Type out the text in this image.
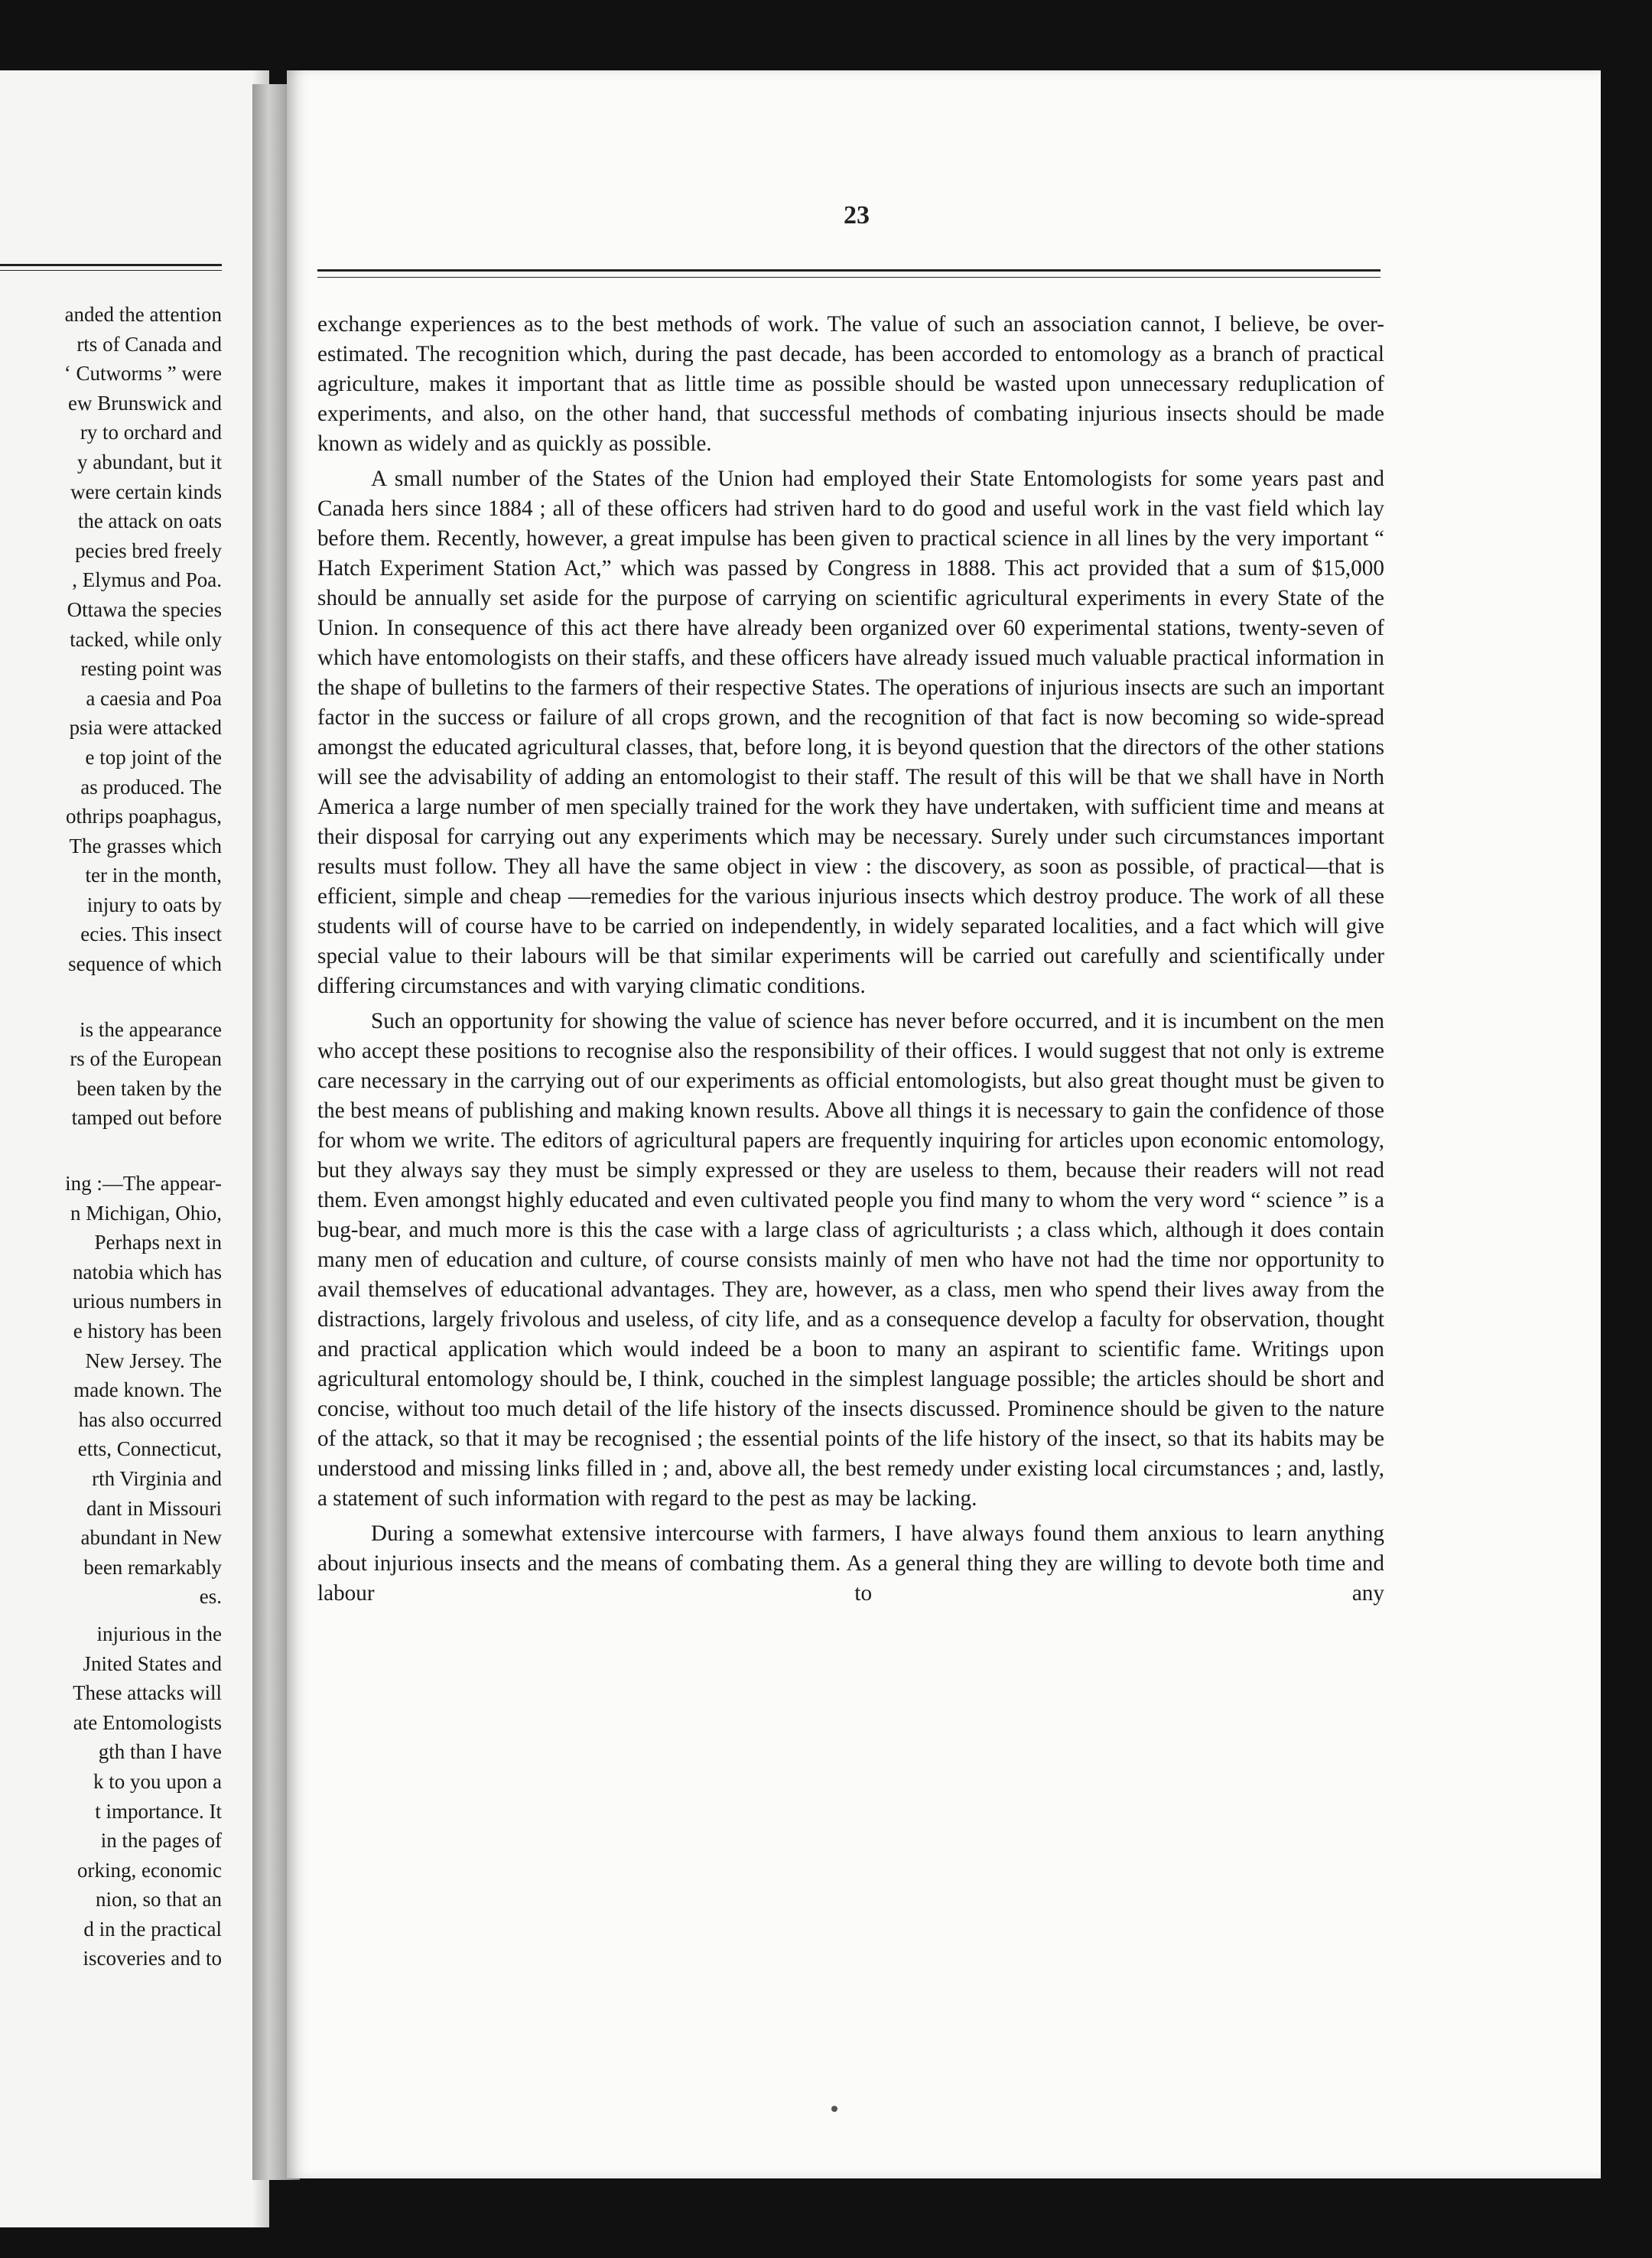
anded the attention
rts of Canada and
‘ Cutworms ” were
ew Brunswick and
ry to orchard and
y abundant, but it
were certain kinds
the attack on oats
pecies bred freely
, Elymus and Poa.
Ottawa the species
tacked, while only
resting point was
a caesia and Poa
psia were attacked
e top joint of the
as produced. The
othrips poaphagus,
The grasses which
ter in the month,
injury to oats by
ecies. This insect
sequence of which
is the appearance
rs of the European
been taken by the
tamped out before
ing :—The appear-
n Michigan, Ohio,
Perhaps next in
natobia which has
urious numbers in
e history has been
New Jersey. The
made known. The
has also occurred
etts, Connecticut,
rth Virginia and
dant in Missouri
abundant in New
been remarkably
es.
injurious in the
Jnited States and
These attacks will
ate Entomologists
gth than I have
k to you upon a
t importance. It
in the pages of
orking, economic
nion, so that an
d in the practical
iscoveries and to
23

exchange experiences as to the best methods of work. The value of such an association cannot, I believe, be over-estimated. The recognition which, during the past decade, has been accorded to entomology as a branch of practical agriculture, makes it important that as little time as possible should be wasted upon unnecessary reduplication of experiments, and also, on the other hand, that successful methods of combating injurious insects should be made known as widely and as quickly as possible.

A small number of the States of the Union had employed their State Entomologists for some years past and Canada hers since 1884 ; all of these officers had striven hard to do good and useful work in the vast field which lay before them. Recently, however, a great impulse has been given to practical science in all lines by the very important “ Hatch Experiment Station Act,” which was passed by Congress in 1888. This act provided that a sum of $15,000 should be annually set aside for the purpose of carrying on scientific agricultural experiments in every State of the Union. In consequence of this act there have already been organized over 60 experimental stations, twenty-seven of which have entomologists on their staffs, and these officers have already issued much valuable practical information in the shape of bulletins to the farmers of their respective States. The operations of injurious insects are such an important factor in the success or failure of all crops grown, and the recognition of that fact is now becoming so wide-spread amongst the educated agricultural classes, that, before long, it is beyond question that the directors of the other stations will see the advisability of adding an entomologist to their staff. The result of this will be that we shall have in North America a large number of men specially trained for the work they have undertaken, with sufficient time and means at their disposal for carrying out any experiments which may be necessary. Surely under such circumstances important results must follow. They all have the same object in view : the discovery, as soon as possible, of practical—that is efficient, simple and cheap —remedies for the various injurious insects which destroy produce. The work of all these students will of course have to be carried on independently, in widely separated localities, and a fact which will give special value to their labours will be that similar experiments will be carried out carefully and scientifically under differing circumstances and with varying climatic conditions.

Such an opportunity for showing the value of science has never before occurred, and it is incumbent on the men who accept these positions to recognise also the responsibility of their offices. I would suggest that not only is extreme care necessary in the carrying out of our experiments as official entomologists, but also great thought must be given to the best means of publishing and making known results. Above all things it is necessary to gain the confidence of those for whom we write. The editors of agricultural papers are frequently inquiring for articles upon economic entomology, but they always say they must be simply expressed or they are useless to them, because their readers will not read them. Even amongst highly educated and even cultivated people you find many to whom the very word “ science ” is a bug-bear, and much more is this the case with a large class of agriculturists ; a class which, although it does contain many men of education and culture, of course consists mainly of men who have not had the time nor opportunity to avail themselves of educational advantages. They are, however, as a class, men who spend their lives away from the distractions, largely frivolous and useless, of city life, and as a consequence develop a faculty for observation, thought and practical application which would indeed be a boon to many an aspirant to scientific fame. Writings upon agricultural entomology should be, I think, couched in the simplest language possible; the articles should be short and concise, without too much detail of the life history of the insects discussed. Prominence should be given to the nature of the attack, so that it may be recognised ; the essential points of the life history of the insect, so that its habits may be understood and missing links filled in ; and, above all, the best remedy under existing local circumstances ; and, lastly, a statement of such information with regard to the pest as may be lacking.

During a somewhat extensive intercourse with farmers, I have always found them anxious to learn anything about injurious insects and the means of combating them. As a general thing they are willing to devote both time and labour to any
